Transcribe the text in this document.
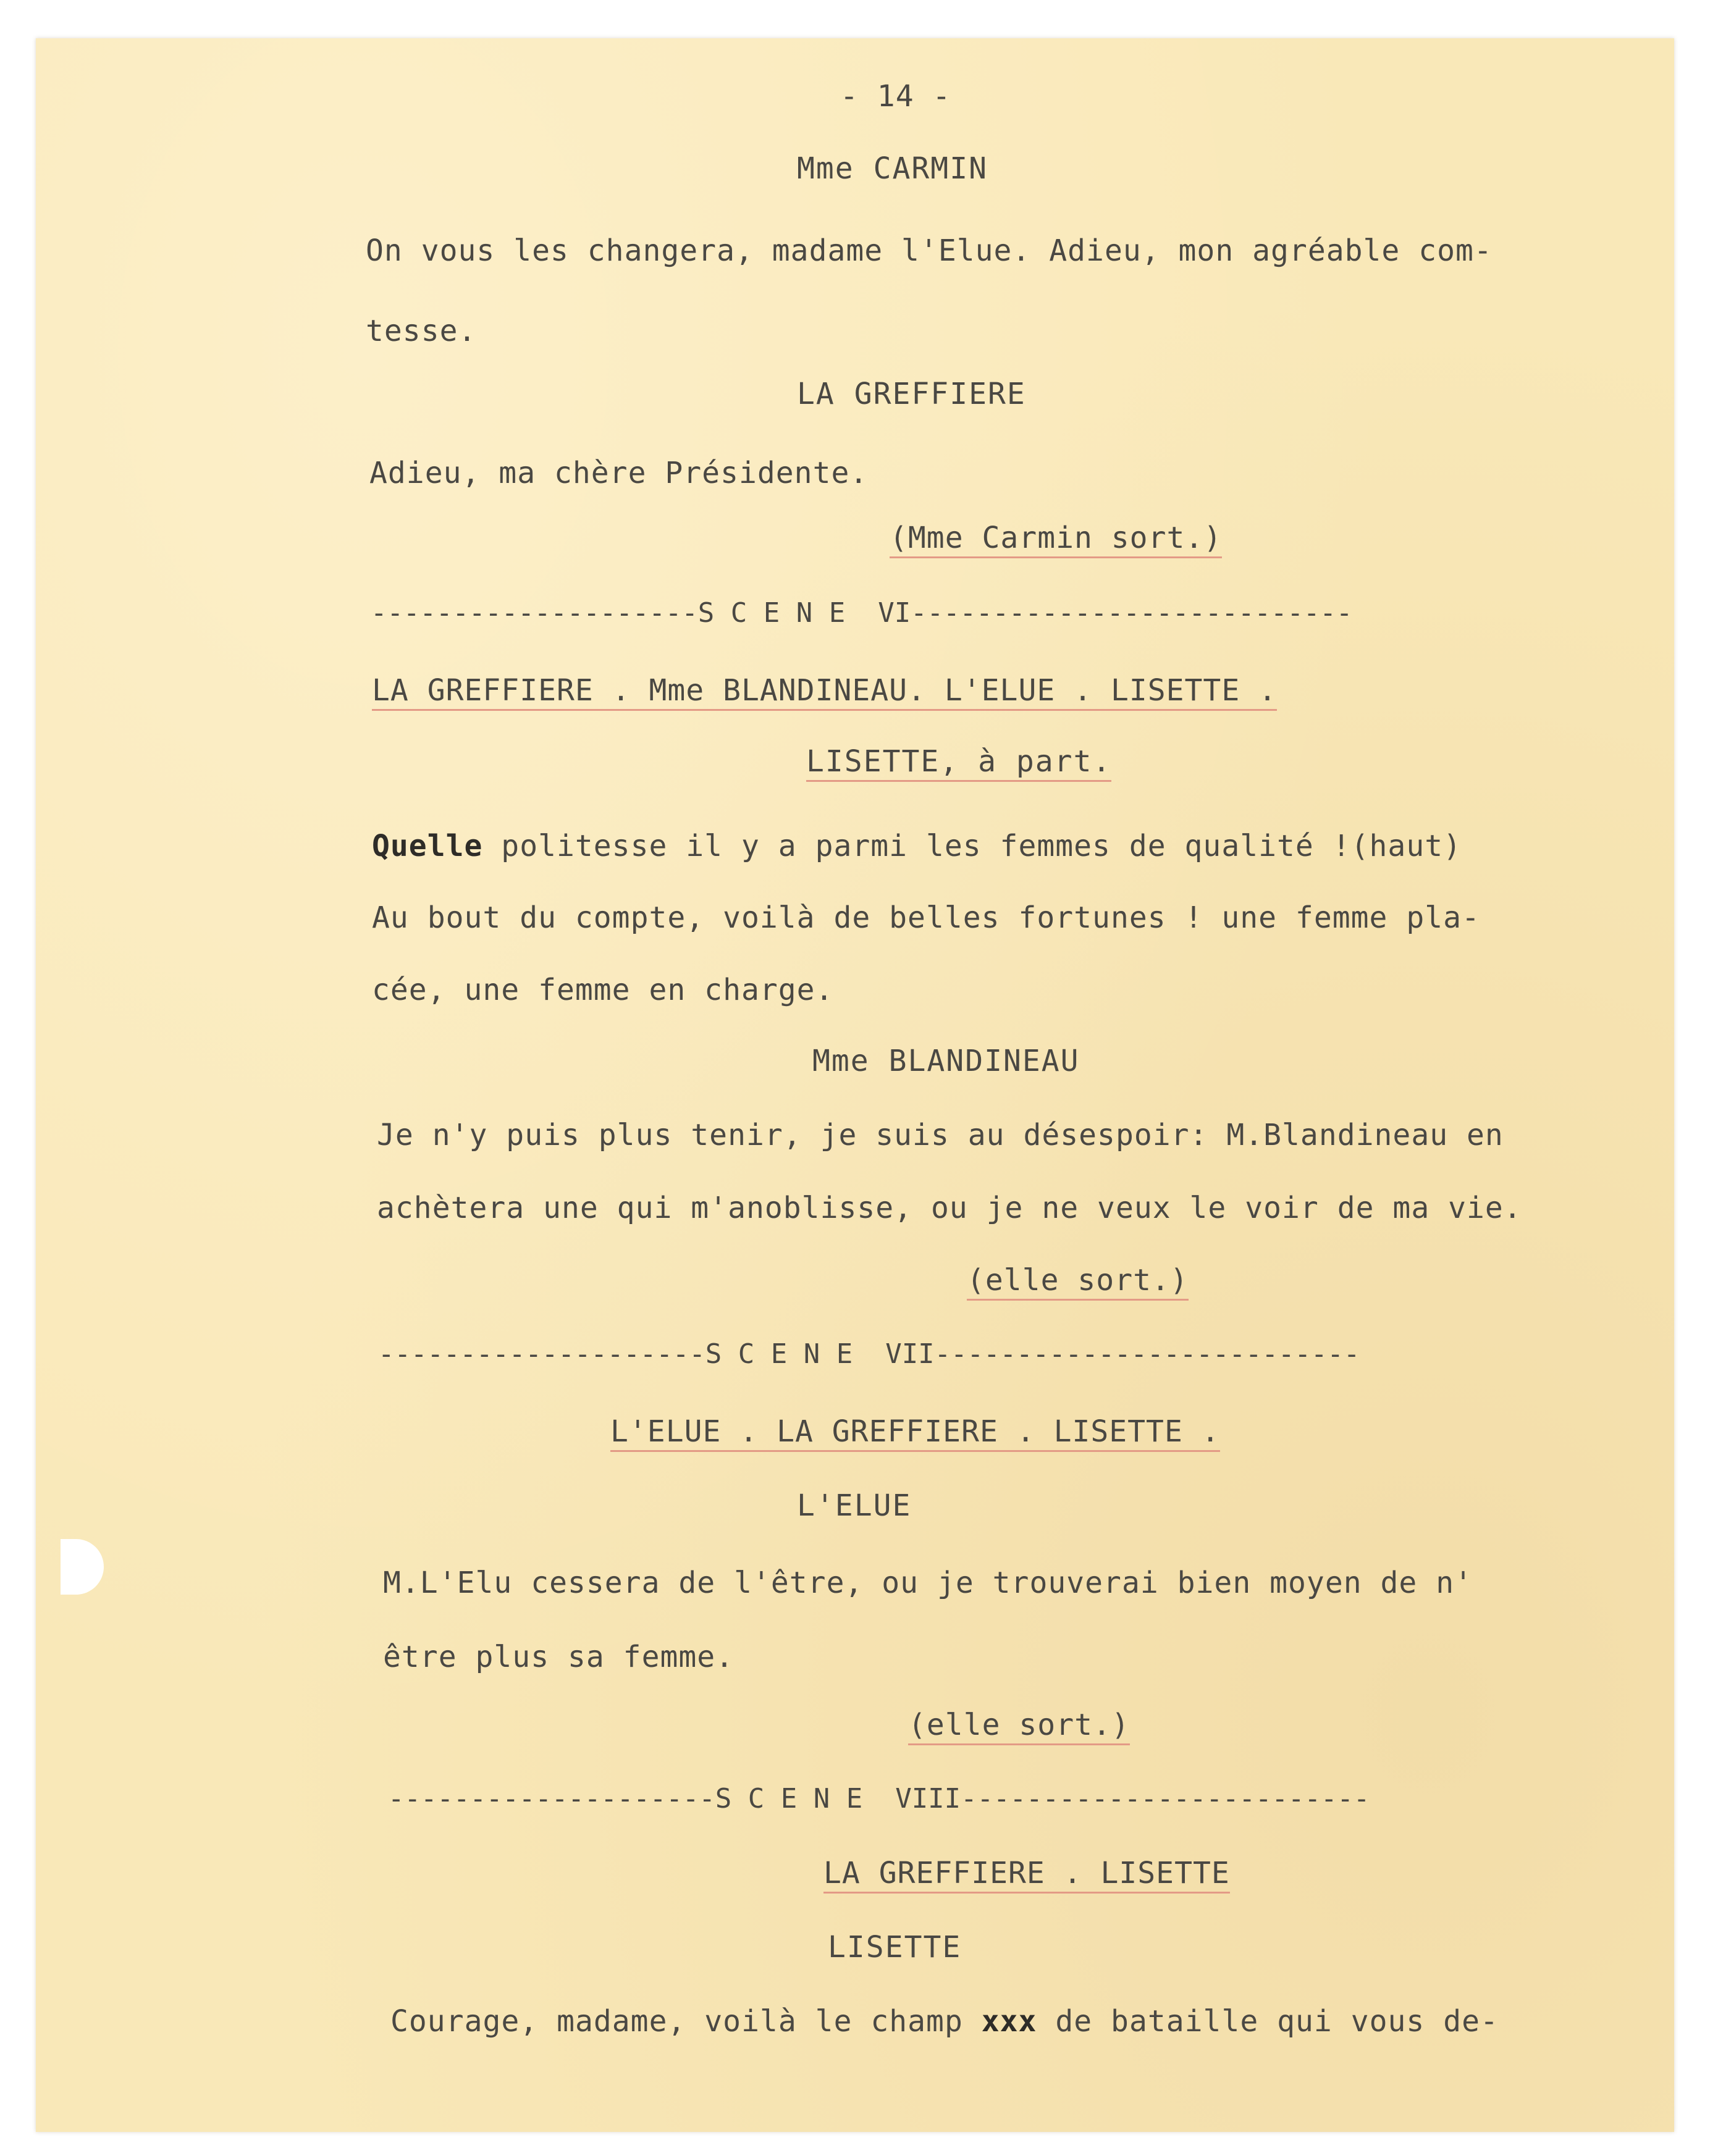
- 14 -
Mme CARMIN
On vous les changera, madame l'Elue. Adieu, mon agréable com-
tesse.
LA GREFFIERE
Adieu, ma chère Présidente.
(Mme Carmin sort.)
--------------------S C E N E  VI---------------------------
LA GREFFIERE . Mme BLANDINEAU. L'ELUE . LISETTE .
LISETTE, à part.
Quelle politesse il y a parmi les femmes de qualité !(haut)
Au bout du compte, voilà de belles fortunes ! une femme pla-
cée, une femme en charge.
Mme BLANDINEAU
Je n'y puis plus tenir, je suis au désespoir: M.Blandineau en
achètera une qui m'anoblisse, ou je ne veux le voir de ma vie.
(elle sort.)
--------------------S C E N E  VII--------------------------
L'ELUE . LA GREFFIERE . LISETTE .
L'ELUE
M.L'Elu cessera de l'être, ou je trouverai bien moyen de n'
être plus sa femme.
(elle sort.)
--------------------S C E N E  VIII-------------------------
LA GREFFIERE . LISETTE
LISETTE
Courage, madame, voilà le champ xxx de bataille qui vous de-
